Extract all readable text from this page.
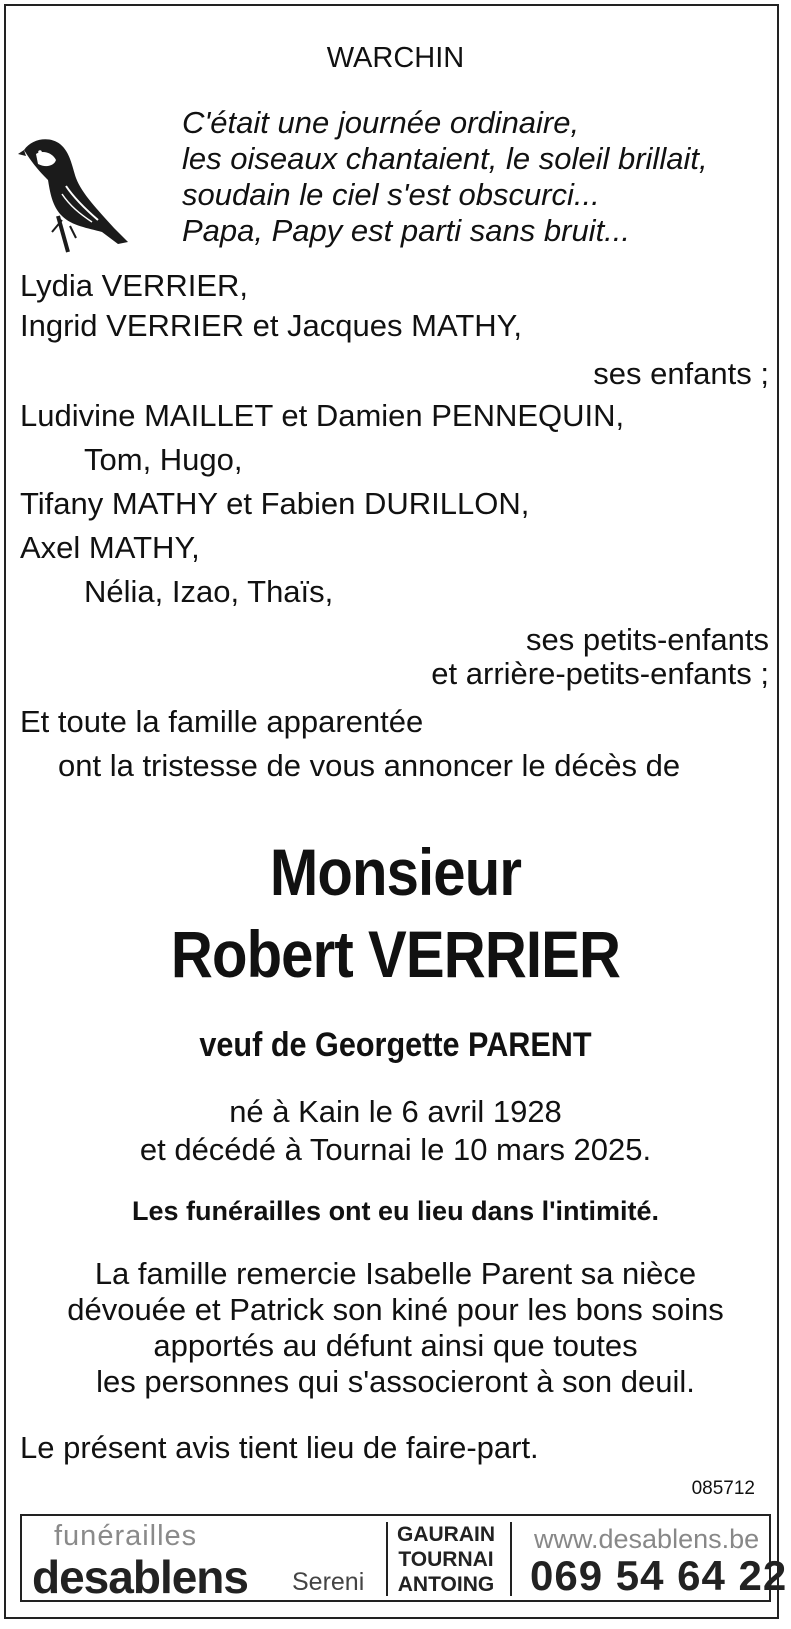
WARCHIN
C'était une journée ordinaire,
les oiseaux chantaient, le soleil brillait,
soudain le ciel s'est obscurci...
Papa, Papy est parti sans bruit...
Lydia VERRIER,
Ingrid VERRIER et Jacques MATHY,
ses enfants ;
Ludivine MAILLET et Damien PENNEQUIN,
Tom, Hugo,
Tifany MATHY et Fabien DURILLON,
Axel MATHY,
Nélia, Izao, Thaïs,
ses petits-enfants
et arrière-petits-enfants ;
Et toute la famille apparentée
ont la tristesse de vous annoncer le décès de
Monsieur
Robert VERRIER
veuf de Georgette PARENT
né à Kain le 6 avril 1928
et décédé à Tournai le 10 mars 2025.
Les funérailles ont eu lieu dans l'intimité.
La famille remercie Isabelle Parent sa nièce
dévouée et Patrick son kiné pour les bons soins
apportés au défunt ainsi que toutes
les personnes qui s'associeront à son deuil.
Le présent avis tient lieu de faire-part.
085712
funérailles
desablens Sereni
GAURAIN
TOURNAI
ANTOING
www.desablens.be
069 54 64 22
